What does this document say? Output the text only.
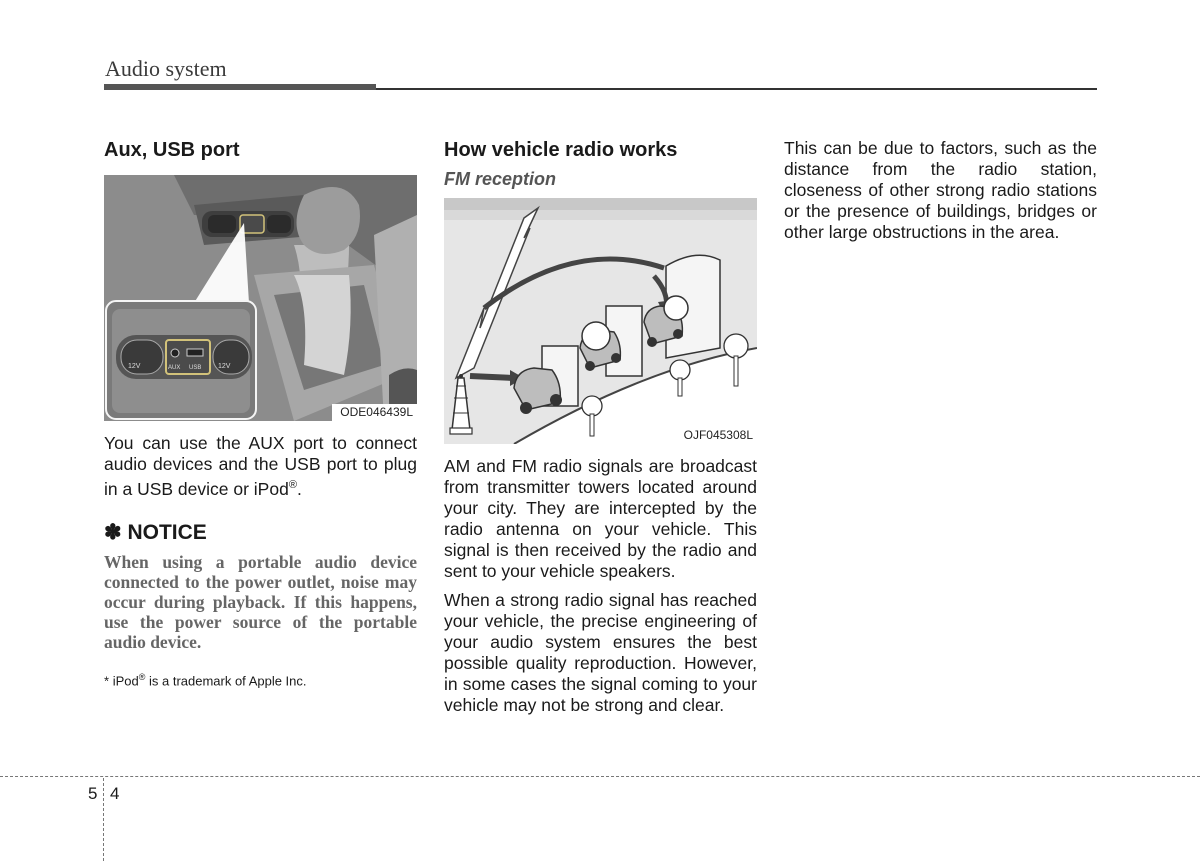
Audio system
Aux, USB port
12V	AUX USB 12V
ODE046439L

You can use the AUX port to connect audio devices and the USB port to plug in a USB device or iPod®.

✽ NOTICE
When using a portable audio device connected to the power outlet, noise may occur during playback. If this happens, use the power source of the portable audio device.
* iPod® is a trademark of Apple Inc.
How vehicle radio works
FM reception
OJF045308L

AM and FM radio signals are broadcast from transmitter towers located around your city. They are intercepted by the radio antenna on your vehicle. This signal is then received by the radio and sent to your vehicle speakers.

When a strong radio signal has reached your vehicle, the precise engineering of your audio system ensures the best possible quality reproduction. However, in some cases the signal coming to your vehicle may not be strong and clear.

This can be due to factors, such as the distance from the radio station, closeness of other strong radio stations or the presence of buildings, bridges or other large obstructions in the area.

5 4
